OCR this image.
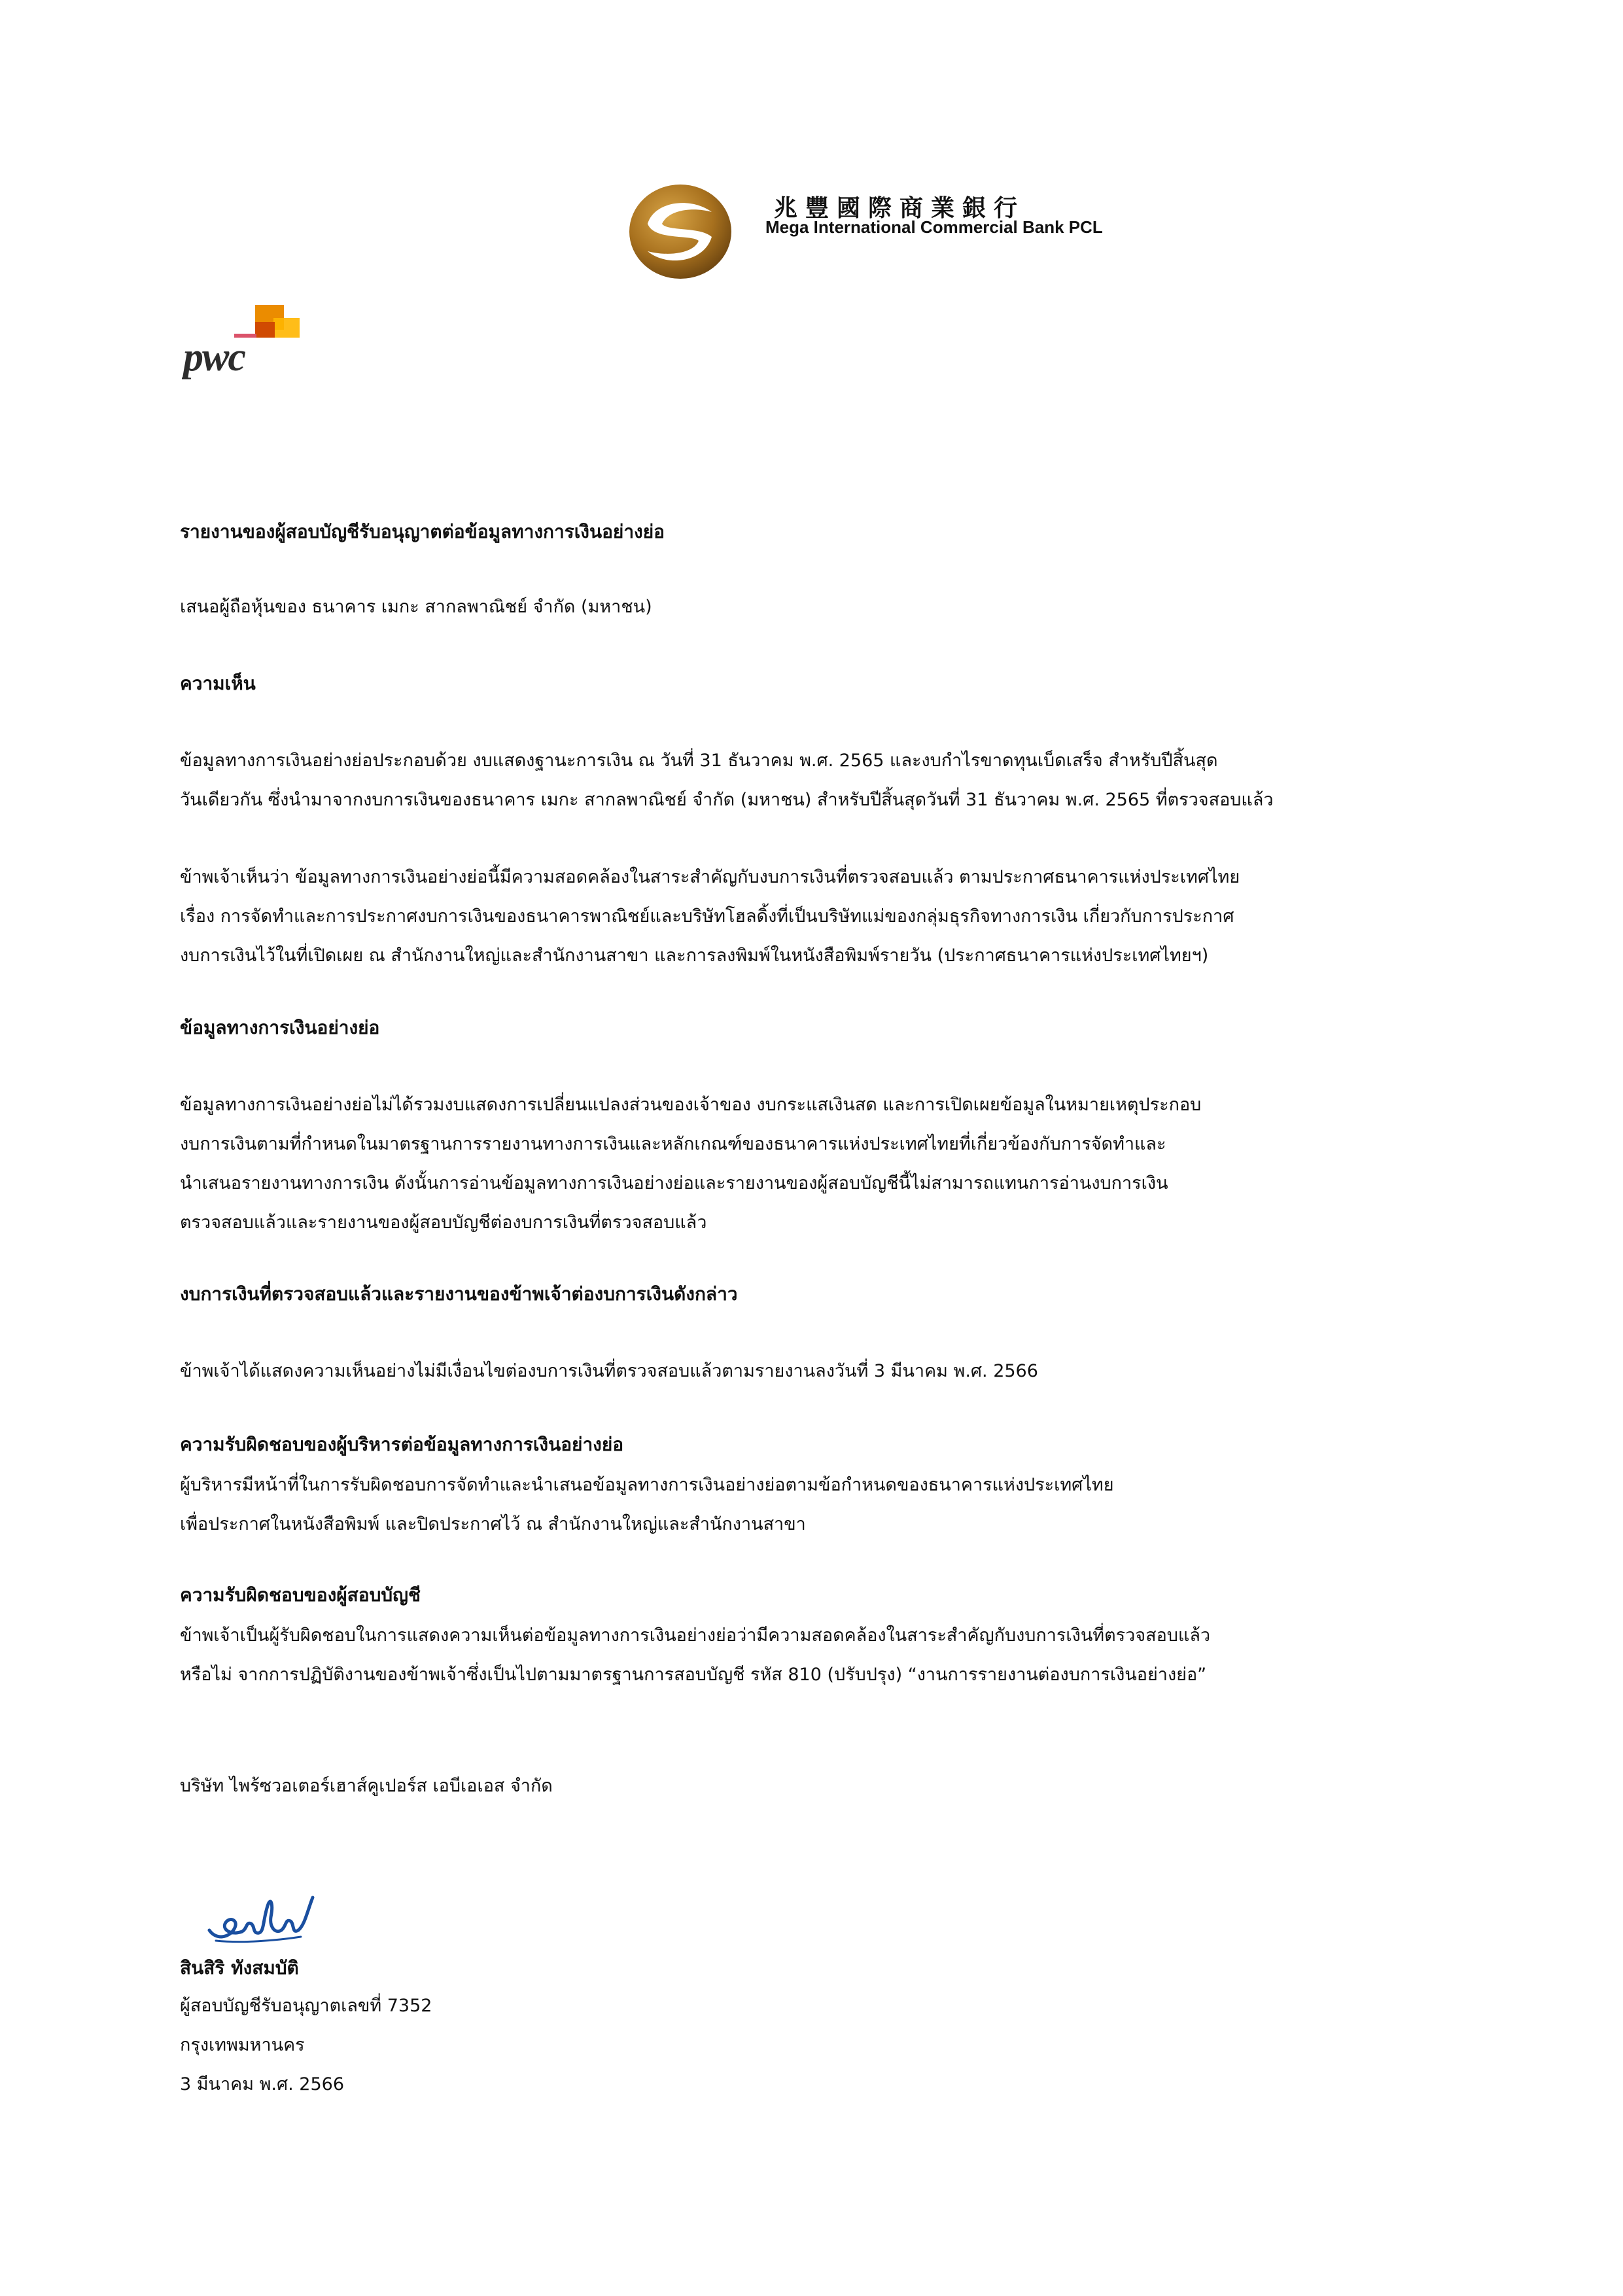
兆豐國際商業銀行
Mega International Commercial Bank PCL
pwc
รายงานของผู้สอบบัญชีรับอนุญาตต่อข้อมูลทางการเงินอย่างย่อ
เสนอผู้ถือหุ้นของ ธนาคาร เมกะ สากลพาณิชย์ จำกัด (มหาชน)
ความเห็น
ข้อมูลทางการเงินอย่างย่อประกอบด้วย งบแสดงฐานะการเงิน ณ วันที่ 31 ธันวาคม พ.ศ. 2565 และงบกำไรขาดทุนเบ็ดเสร็จ สำหรับปีสิ้นสุด
วันเดียวกัน ซึ่งนำมาจากงบการเงินของธนาคาร เมกะ สากลพาณิชย์ จำกัด (มหาชน) สำหรับปีสิ้นสุดวันที่ 31 ธันวาคม พ.ศ. 2565 ที่ตรวจสอบแล้ว
ข้าพเจ้าเห็นว่า ข้อมูลทางการเงินอย่างย่อนี้มีความสอดคล้องในสาระสำคัญกับงบการเงินที่ตรวจสอบแล้ว ตามประกาศธนาคารแห่งประเทศไทย
เรื่อง การจัดทำและการประกาศงบการเงินของธนาคารพาณิชย์และบริษัทโฮลดิ้งที่เป็นบริษัทแม่ของกลุ่มธุรกิจทางการเงิน เกี่ยวกับการประกาศ
งบการเงินไว้ในที่เปิดเผย ณ สำนักงานใหญ่และสำนักงานสาขา และการลงพิมพ์ในหนังสือพิมพ์รายวัน (ประกาศธนาคารแห่งประเทศไทยฯ)
ข้อมูลทางการเงินอย่างย่อ
ข้อมูลทางการเงินอย่างย่อไม่ได้รวมงบแสดงการเปลี่ยนแปลงส่วนของเจ้าของ งบกระแสเงินสด และการเปิดเผยข้อมูลในหมายเหตุประกอบ
งบการเงินตามที่กำหนดในมาตรฐานการรายงานทางการเงินและหลักเกณฑ์ของธนาคารแห่งประเทศไทยที่เกี่ยวข้องกับการจัดทำและ
นำเสนอรายงานทางการเงิน ดังนั้นการอ่านข้อมูลทางการเงินอย่างย่อและรายงานของผู้สอบบัญชีนี้ไม่สามารถแทนการอ่านงบการเงิน
ตรวจสอบแล้วและรายงานของผู้สอบบัญชีต่องบการเงินที่ตรวจสอบแล้ว
งบการเงินที่ตรวจสอบแล้วและรายงานของข้าพเจ้าต่องบการเงินดังกล่าว
ข้าพเจ้าได้แสดงความเห็นอย่างไม่มีเงื่อนไขต่องบการเงินที่ตรวจสอบแล้วตามรายงานลงวันที่ 3 มีนาคม พ.ศ. 2566
ความรับผิดชอบของผู้บริหารต่อข้อมูลทางการเงินอย่างย่อ
ผู้บริหารมีหน้าที่ในการรับผิดชอบการจัดทำและนำเสนอข้อมูลทางการเงินอย่างย่อตามข้อกำหนดของธนาคารแห่งประเทศไทย
เพื่อประกาศในหนังสือพิมพ์ และปิดประกาศไว้ ณ สำนักงานใหญ่และสำนักงานสาขา
ความรับผิดชอบของผู้สอบบัญชี
ข้าพเจ้าเป็นผู้รับผิดชอบในการแสดงความเห็นต่อข้อมูลทางการเงินอย่างย่อว่ามีความสอดคล้องในสาระสำคัญกับงบการเงินที่ตรวจสอบแล้ว
หรือไม่ จากการปฏิบัติงานของข้าพเจ้าซึ่งเป็นไปตามมาตรฐานการสอบบัญชี รหัส 810 (ปรับปรุง) “งานการรายงานต่องบการเงินอย่างย่อ”
บริษัท ไพร้ซวอเตอร์เฮาส์คูเปอร์ส เอบีเอเอส จำกัด
สินสิริ ทังสมบัติ
ผู้สอบบัญชีรับอนุญาตเลขที่ 7352
กรุงเทพมหานคร
3 มีนาคม พ.ศ. 2566
